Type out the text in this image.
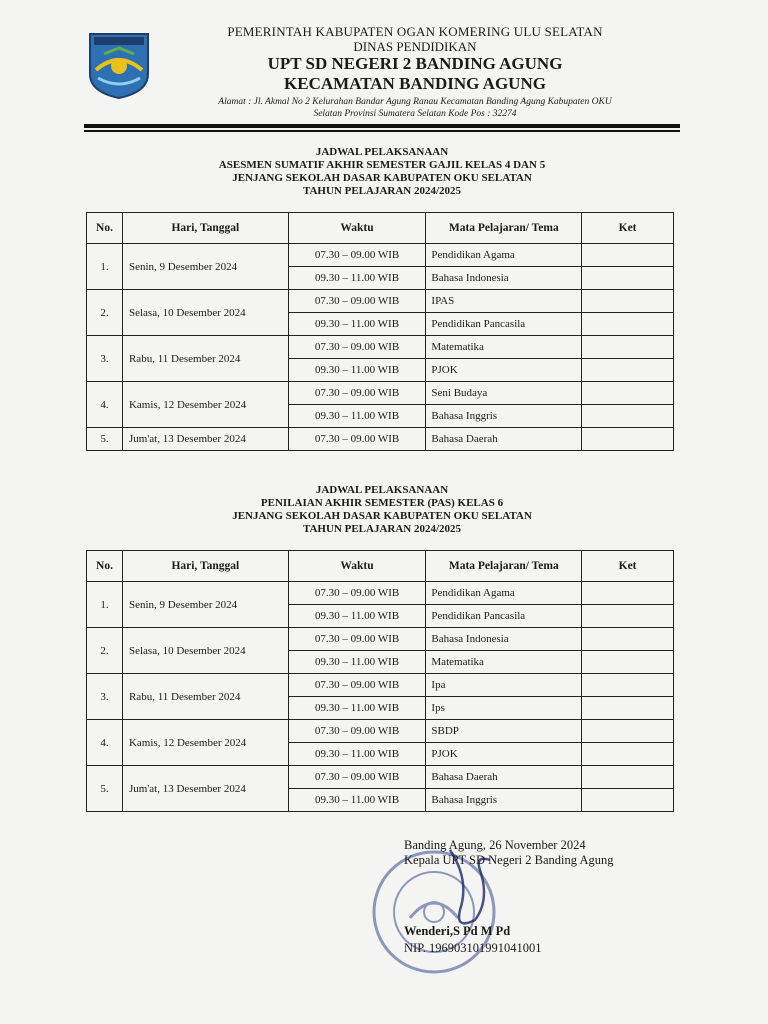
PEMERINTAH KABUPATEN OGAN KOMERING ULU SELATAN
DINAS PENDIDIKAN
UPT SD NEGERI 2 BANDING AGUNG
KECAMATAN BANDING AGUNG
Alamat : Jl. Akmal No 2 Kelurahan Bandar Agung Ranau Kecamatan Banding Agung Kabupaten OKU
Selatan Provinsi Sumatera Selatan Kode Pos : 32274
JADWAL PELAKSANAAN
ASESMEN SUMATIF AKHIR SEMESTER GAJIL KELAS 4 DAN 5
JENJANG SEKOLAH DASAR KABUPATEN OKU SELATAN
TAHUN PELAJARAN 2024/2025
No.	Hari, Tanggal	Waktu	Mata Pelajaran/ Tema	Ket
1.	Senin, 9 Desember 2024	07.30 – 09.00 WIB	Pendidikan Agama	
		09.30 – 11.00 WIB	Bahasa Indonesia	
2.	Selasa, 10 Desember 2024	07.30 – 09.00 WIB	IPAS	
		09.30 – 11.00 WIB	Pendidikan Pancasila	
3.	Rabu, 11 Desember 2024	07.30 – 09.00 WIB	Matematika	
		09.30 – 11.00 WIB	PJOK	
4.	Kamis, 12 Desember 2024	07.30 – 09.00 WIB	Seni Budaya	
		09.30 – 11.00 WIB	Bahasa Inggris	
5.	Jum'at, 13 Desember 2024	07.30 – 09.00 WIB	Bahasa Daerah	
JADWAL PELAKSANAAN
PENILAIAN AKHIR SEMESTER (PAS) KELAS 6
JENJANG SEKOLAH DASAR KABUPATEN OKU SELATAN
TAHUN PELAJARAN 2024/2025
No.	Hari, Tanggal	Waktu	Mata Pelajaran/ Tema	Ket
1.	Senin, 9 Desember 2024	07.30 – 09.00 WIB	Pendidikan Agama	
		09.30 – 11.00 WIB	Pendidikan Pancasila	
2.	Selasa, 10 Desember 2024	07.30 – 09.00 WIB	Bahasa Indonesia	
		09.30 – 11.00 WIB	Matematika	
3.	Rabu, 11 Desember 2024	07.30 – 09.00 WIB	Ipa	
		09.30 – 11.00 WIB	Ips	
4.	Kamis, 12 Desember 2024	07.30 – 09.00 WIB	SBDP	
		09.30 – 11.00 WIB	PJOK	
5.	Jum'at, 13 Desember 2024	07.30 – 09.00 WIB	Bahasa Daerah	
		09.30 – 11.00 WIB	Bahasa Inggris	
Banding Agung, 26 November 2024
Kepala UPT SD Negeri 2 Banding Agung
Wenderi,S Pd M Pd
NIP. 196903101991041001
